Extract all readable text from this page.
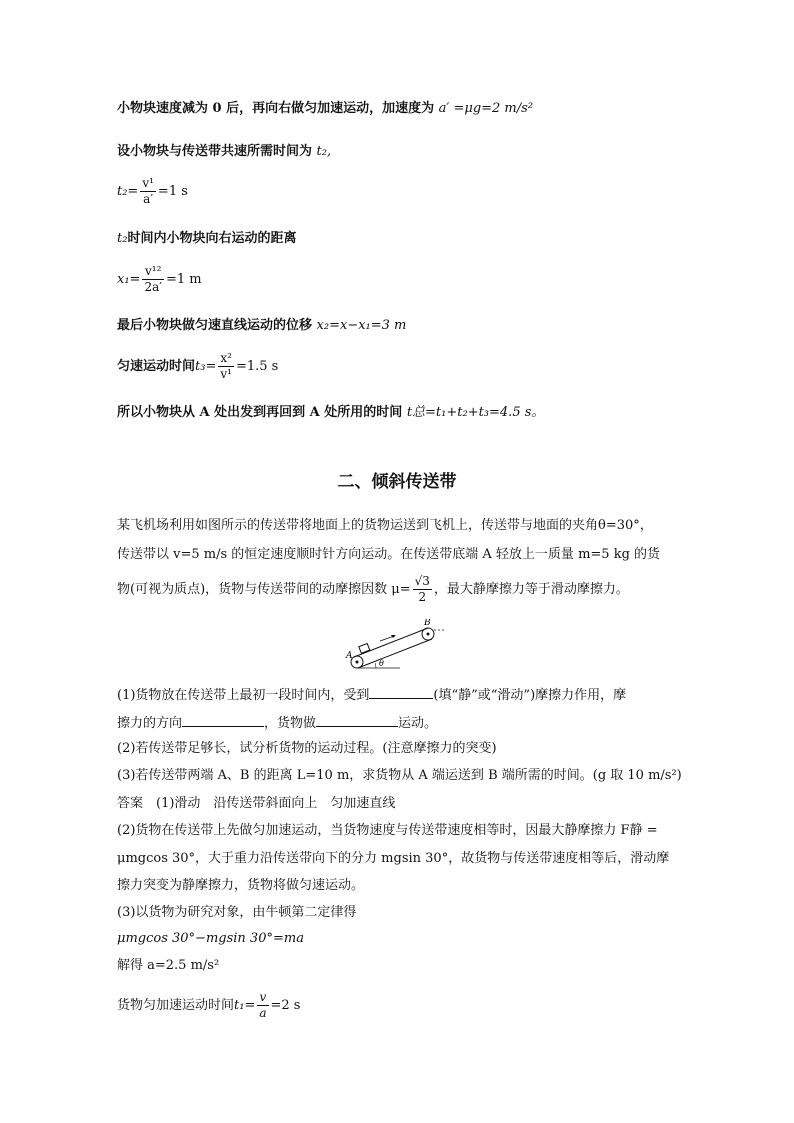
小物块速度减为 0 后，再向右做匀加速运动，加速度为 a′ =μg=2 m/s²
设小物块与传送带共速所需时间为 t₂,
$t_2= \frac{\text{v¹}}{a'} =1$ s
t₂时间内小物块向右运动的距离
$x_1= \frac{\text{v¹²}}{2a'} =1$ m
最后小物块做匀速直线运动的位移 x₂=x−x₁=3 m
匀速运动时间$t_3= \frac{\text{x²}}{\text{v¹}} =1.5$ s
所以小物块从 A 处出发到再回到 A 处所用的时间 t总=t₁+t₂+t₃=4.5 s。
二、倾斜传送带
某飞机场利用如图所示的传送带将地面上的货物运送到飞机上，传送带与地面的夹角θ=30°，
传送带以 v=5 m/s 的恒定速度顺时针方向运动。在传送带底端 A 轻放上一质量 m=5 kg 的货
物(可视为质点)，货物与传送带间的动摩擦因数 $\mu= \frac{√3}{2}$ ，最大静摩擦力等于滑动摩擦力。
A
B
θ
(1)货物放在传送带上最初一段时间内，受到	(填“静”或“滑动”)摩擦力作用，摩
擦力的方向	，货物做	运动。
(2)若传送带足够长，试分析货物的运动过程。(注意摩擦力的突变)
(3)若传送带两端 A、B 的距离 L=10 m，求货物从 A 端运送到 B 端所需的时间。(g 取 10 m/s²)
答案　(1)滑动　沿传送带斜面向上　匀加速直线
(2)货物在传送带上先做匀加速运动，当货物速度与传送带速度相等时，因最大静摩擦力 F静 =
μmgcos 30°，大于重力沿传送带向下的分力 mgsin 30°，故货物与传送带速度相等后，滑动摩
擦力突变为静摩擦力，货物将做匀速运动。
(3)以货物为研究对象，由牛顿第二定律得
μmgcos 30°−mgsin 30°=ma
解得 a=2.5 m/s²
货物匀加速运动时间$t_1= \frac{v}{a} =2$ s
